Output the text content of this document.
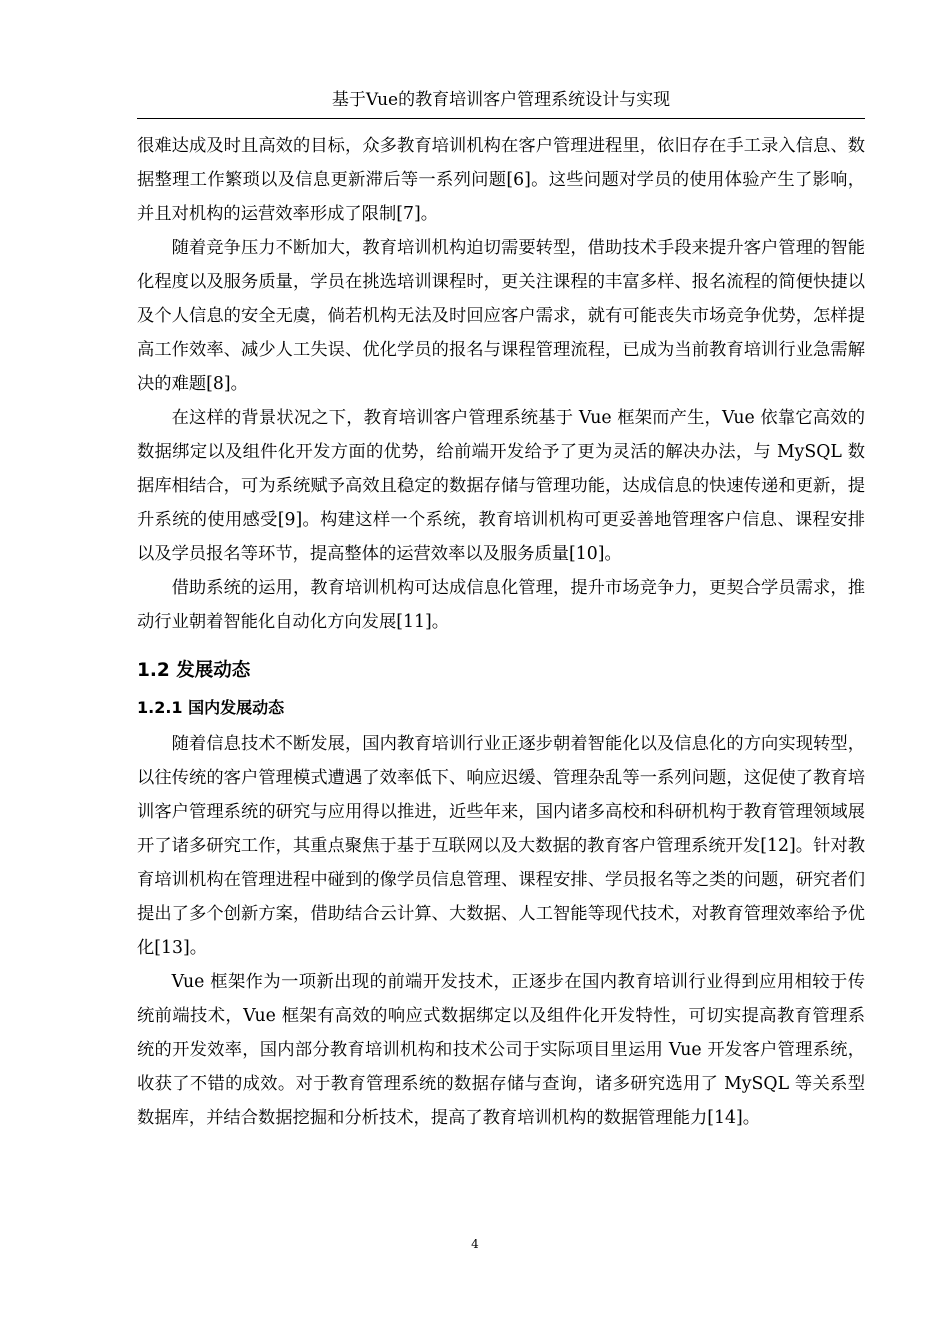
基于Vue的教育培训客户管理系统设计与实现

很难达成及时且高效的目标，众多教育培训机构在客户管理进程里，依旧存在手工录入信息、数据整理工作繁琐以及信息更新滞后等一系列问题[6]。这些问题对学员的使用体验产生了影响，并且对机构的运营效率形成了限制[7]。

随着竞争压力不断加大，教育培训机构迫切需要转型，借助技术手段来提升客户管理的智能化程度以及服务质量，学员在挑选培训课程时，更关注课程的丰富多样、报名流程的简便快捷以及个人信息的安全无虞，倘若机构无法及时回应客户需求，就有可能丧失市场竞争优势，怎样提高工作效率、减少人工失误、优化学员的报名与课程管理流程，已成为当前教育培训行业急需解决的难题[8]。

在这样的背景状况之下，教育培训客户管理系统基于 Vue 框架而产生，Vue 依靠它高效的数据绑定以及组件化开发方面的优势，给前端开发给予了更为灵活的解决办法，与 MySQL 数据库相结合，可为系统赋予高效且稳定的数据存储与管理功能，达成信息的快速传递和更新，提升系统的使用感受[9]。构建这样一个系统，教育培训机构可更妥善地管理客户信息、课程安排以及学员报名等环节，提高整体的运营效率以及服务质量[10]。

借助系统的运用，教育培训机构可达成信息化管理，提升市场竞争力，更契合学员需求，推动行业朝着智能化自动化方向发展[11]。

1.2 发展动态
1.2.1 国内发展动态

随着信息技术不断发展，国内教育培训行业正逐步朝着智能化以及信息化的方向实现转型，以往传统的客户管理模式遭遇了效率低下、响应迟缓、管理杂乱等一系列问题，这促使了教育培训客户管理系统的研究与应用得以推进，近些年来，国内诸多高校和科研机构于教育管理领域展开了诸多研究工作，其重点聚焦于基于互联网以及大数据的教育客户管理系统开发[12]。针对教育培训机构在管理进程中碰到的像学员信息管理、课程安排、学员报名等之类的问题，研究者们提出了多个创新方案，借助结合云计算、大数据、人工智能等现代技术，对教育管理效率给予优化[13]。

Vue 框架作为一项新出现的前端开发技术，正逐步在国内教育培训行业得到应用相较于传统前端技术，Vue 框架有高效的响应式数据绑定以及组件化开发特性，可切实提高教育管理系统的开发效率，国内部分教育培训机构和技术公司于实际项目里运用 Vue 开发客户管理系统，收获了不错的成效。对于教育管理系统的数据存储与查询，诸多研究选用了 MySQL 等关系型数据库，并结合数据挖掘和分析技术，提高了教育培训机构的数据管理能力[14]。

4
